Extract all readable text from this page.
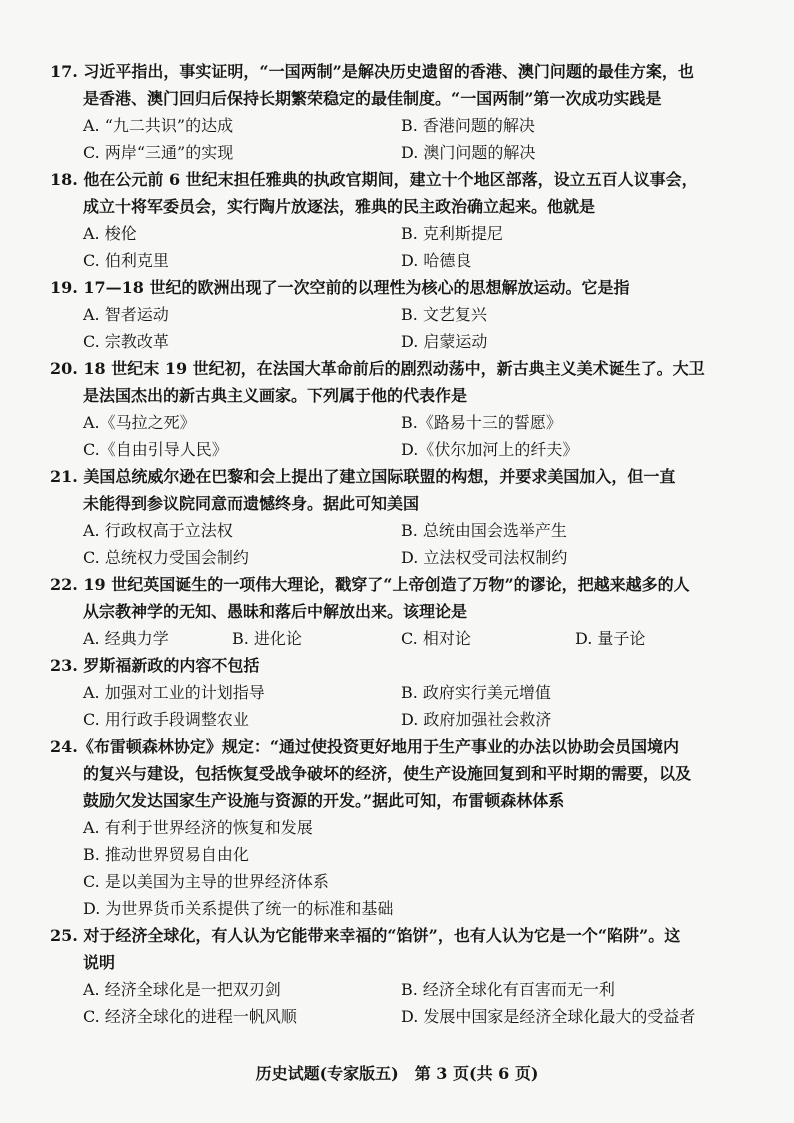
17. 习近平指出，事实证明，“一国两制”是解决历史遗留的香港、澳门问题的最佳方案，也
是香港、澳门回归后保持长期繁荣稳定的最佳制度。“一国两制”第一次成功实践是
A. “九二共识”的达成	B. 香港问题的解决
C. 两岸“三通”的实现	D. 澳门问题的解决
18. 他在公元前 6 世纪末担任雅典的执政官期间，建立十个地区部落，设立五百人议事会，
成立十将军委员会，实行陶片放逐法，雅典的民主政治确立起来。他就是
A. 梭伦	B. 克利斯提尼
C. 伯利克里	D. 哈德良
19. 17—18 世纪的欧洲出现了一次空前的以理性为核心的思想解放运动。它是指
A. 智者运动	B. 文艺复兴
C. 宗教改革	D. 启蒙运动
20. 18 世纪末 19 世纪初，在法国大革命前后的剧烈动荡中，新古典主义美术诞生了。大卫
是法国杰出的新古典主义画家。下列属于他的代表作是
A.《马拉之死》	B.《路易十三的誓愿》
C.《自由引导人民》	D.《伏尔加河上的纤夫》
21. 美国总统威尔逊在巴黎和会上提出了建立国际联盟的构想，并要求美国加入，但一直
未能得到参议院同意而遗憾终身。据此可知美国
A. 行政权高于立法权	B. 总统由国会选举产生
C. 总统权力受国会制约	D. 立法权受司法权制约
22. 19 世纪英国诞生的一项伟大理论，戳穿了“上帝创造了万物”的谬论，把越来越多的人
从宗教神学的无知、愚昧和落后中解放出来。该理论是
A. 经典力学	B. 进化论	C. 相对论	D. 量子论
23. 罗斯福新政的内容不包括
A. 加强对工业的计划指导	B. 政府实行美元增值
C. 用行政手段调整农业	D. 政府加强社会救济
24.《布雷顿森林协定》规定：“通过使投资更好地用于生产事业的办法以协助会员国境内
的复兴与建设，包括恢复受战争破坏的经济，使生产设施回复到和平时期的需要，以及
鼓励欠发达国家生产设施与资源的开发。”据此可知，布雷顿森林体系
A. 有利于世界经济的恢复和发展
B. 推动世界贸易自由化
C. 是以美国为主导的世界经济体系
D. 为世界货币关系提供了统一的标准和基础
25. 对于经济全球化，有人认为它能带来幸福的“馅饼”，也有人认为它是一个“陷阱”。这
说明
A. 经济全球化是一把双刃剑	B. 经济全球化有百害而无一利
C. 经济全球化的进程一帆风顺	D. 发展中国家是经济全球化最大的受益者
历史试题(专家版五)　第 3 页(共 6 页)
